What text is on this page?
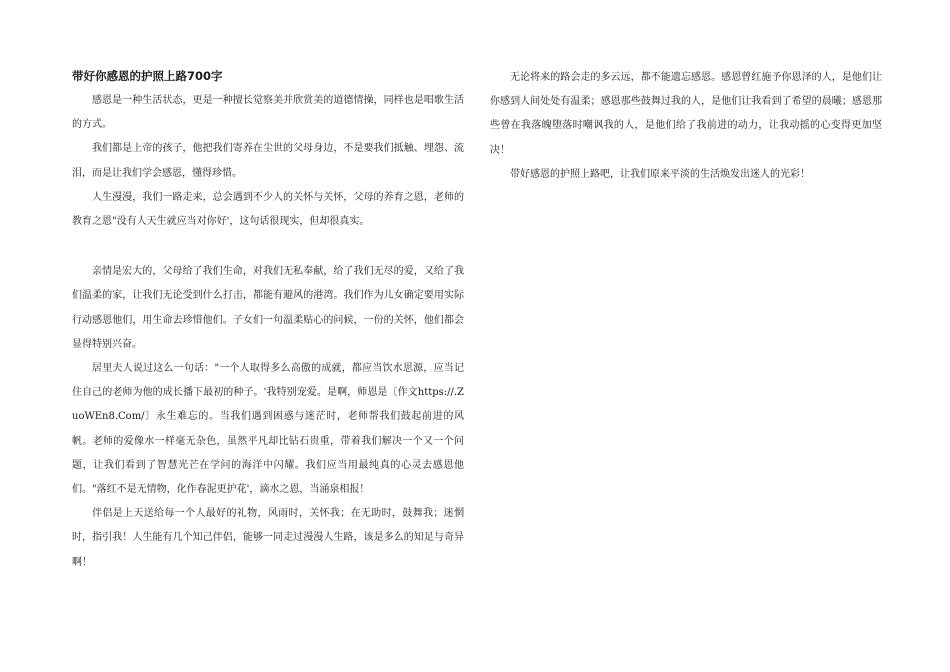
带好你感恩的护照上路700字

感恩是一种生活状态，更是一种擅长觉察美并欣赏美的道德情操，同样也是唱歌生活的方式。

我们都是上帝的孩子，他把我们寄养在尘世的父母身边，不是要我们抵触、埋怨、流泪，而是让我们学会感恩，懂得珍惜。

人生漫漫，我们一路走来，总会遇到不少人的关怀与关怀，父母的养育之恩，老师的教育之恩"没有人天生就应当对你好'，这句话很现实，但却很真实。

亲情是宏大的，父母给了我们生命，对我们无私奉献，给了我们无尽的爱，又给了我们温柔的家，让我们无论受到什么打击，都能有避风的港湾。我们作为儿女确定要用实际行动感恩他们，用生命去珍惜他们。子女们一句温柔贴心的问候，一份的关怀，他们都会显得特别兴奋。

居里夫人说过这么一句话："一个人取得多么高傲的成就，都应当饮水思源，应当记住自己的老师为他的成长播下最初的种子。'我特别宠爱。是啊，师恩是〔作文https://.ZuoWEn8.Com/〕永生难忘的。当我们遇到困惑与迷茫时，老师帮我们鼓起前进的风帆。老师的爱像水一样毫无杂色，虽然平凡却比钻石贵重，带着我们解决一个又一个问题，让我们看到了智慧光芒在学问的海洋中闪耀。我们应当用最纯真的心灵去感恩他们。"落红不是无情物，化作春泥更护花'，滴水之恩，当涌泉相报！

伴侣是上天送给每一个人最好的礼物，风雨时，关怀我；在无助时，鼓舞我；迷惘时，指引我！人生能有几个知己伴侣，能够一同走过漫漫人生路，该是多么的知足与奇异啊！

无论将来的路会走的多云远，都不能遗忘感恩。感恩曾红施予你恩泽的人，是他们让你感到人间处处有温柔；感恩那些鼓舞过我的人，是他们让我看到了希望的晨曦；感恩那些曾在我落魄堕落时嘲讽我的人，是他们给了我前进的动力，让我动摇的心变得更加坚决！

带好感恩的护照上路吧，让我们原来平淡的生活焕发出迷人的光彩！
